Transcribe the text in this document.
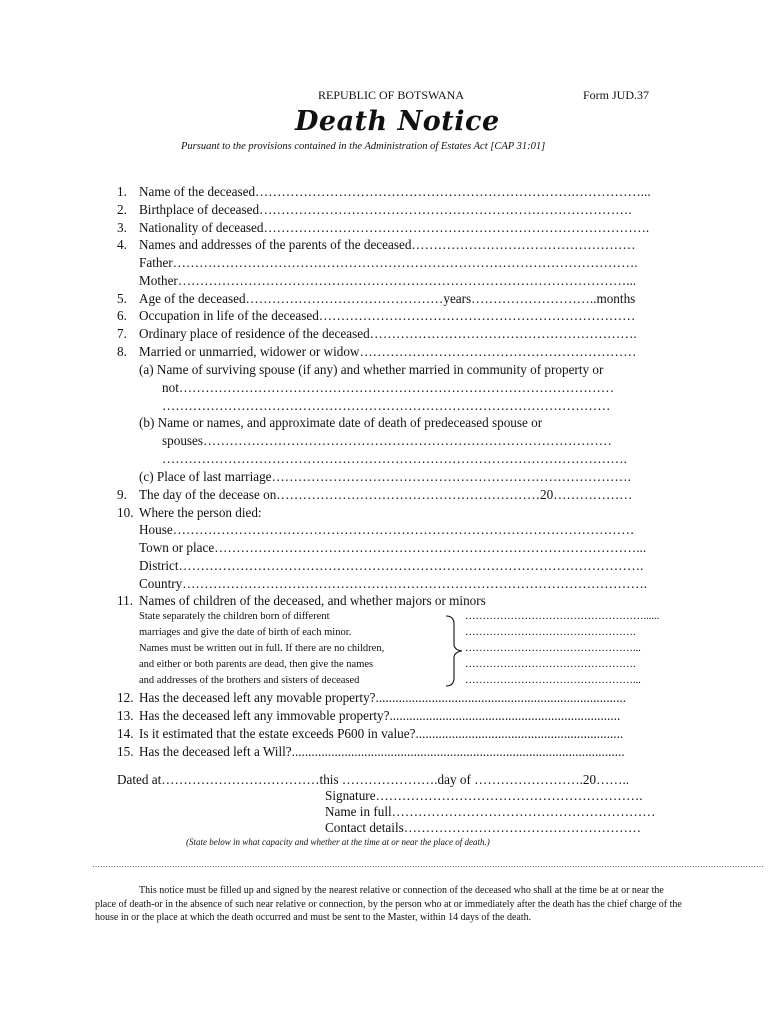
REPUBLIC OF BOTSWANA	Form JUD.37
Death Notice
Pursuant to the provisions contained in the Administration of Estates Act [CAP 31:01]
1. Name of the deceased……………………………………………………………….……………...
2. Birthplace of deceased………………………………………………………………………….
3. Nationality of deceased…………………………………………………………………………….
4. Names and addresses of the parents of the deceased……………………………………………
Father…………………………………………………………………………………………….
Mother…………………………………………………………………………………………...
5. Age of the deceased………………………………………years………………………..months
6. Occupation in life of the deceased………………………………………………………………
7. Ordinary place of residence of the deceased…………………………………………………….
8. Married or unmarried, widower or widow………………………………………………………
(a) Name of surviving spouse (if any) and whether married in community of property or
not………………………………………………………………………………………
…………………………………………………………………………………………
(b) Name or names, and approximate date of death of predeceased spouse or
spouses…………………………………………………………………………………
…………………………………………………………………………………………….
(c) Place of last marriage……………………………………………………………………….
9. The day of the decease on……………………………………………………20………………
10. Where the person died:
House……………………………………………………………………………………………
Town or place……………………………………………………………………………………...
District…………………………………………………………………………………………….
Country…………………………………………………………………………………………….
11. Names of children of the deceased, and whether majors or minors
State separately the children born of different
marriages and give the date of birth of each minor.
Names must be written out in full. If there are no children,
and either or both parents are dead, then give the names
and addresses of the brothers and sisters of deceased
……………………………………………......
………………………………………….
…………………………………………...
………………………………………….
…………………………………………...
12. Has the deceased left any movable property?............................................................................
13. Has the deceased left any immovable property?......................................................................
14. Is it estimated that the estate exceeds P600 in value?...............................................................
15. Has the deceased left a Will?.....................................................................................................
Dated at………………………………this ………………….day of …………………….20……..
Signature…………………………………………………….
Name in full……………………………………………………
Contact details………………………………………………
(State below in what capacity and whether at the time at or near the place of death.)
………………………………………………………………………………………………………………………………………………………………………………………………………………………………
This notice must be filled up and signed by the nearest relative or connection of the deceased who shall at the time be at or near the place of death-or in the absence of such near relative or connection, by the person who at or immediately after the death has the chief charge of the house in or the place at which the death occurred and must be sent to the Master, within 14 days of the death.
